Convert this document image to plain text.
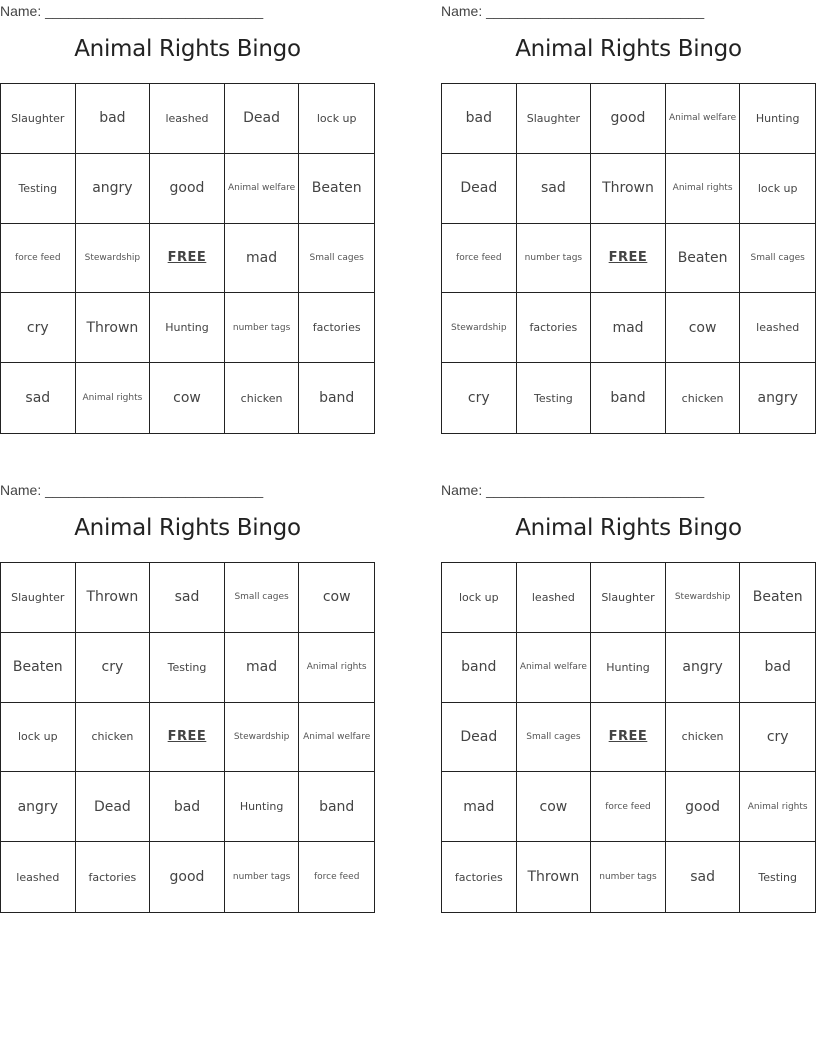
Name: ____________________________
Animal Rights Bingo
Slaughter	bad	leashed	Dead	lock up
Testing	angry	good	Animal welfare	Beaten
force feed	Stewardship	FREE	mad	Small cages
cry	Thrown	Hunting	number tags	factories
sad	Animal rights	cow	chicken	band
Name: ____________________________
Animal Rights Bingo
bad	Slaughter	good	Animal welfare	Hunting
Dead	sad	Thrown	Animal rights	lock up
force feed	number tags	FREE	Beaten	Small cages
Stewardship	factories	mad	cow	leashed
cry	Testing	band	chicken	angry
Name: ____________________________
Animal Rights Bingo
Slaughter	Thrown	sad	Small cages	cow
Beaten	cry	Testing	mad	Animal rights
lock up	chicken	FREE	Stewardship	Animal welfare
angry	Dead	bad	Hunting	band
leashed	factories	good	number tags	force feed
Name: ____________________________
Animal Rights Bingo
lock up	leashed	Slaughter	Stewardship	Beaten
band	Animal welfare	Hunting	angry	bad
Dead	Small cages	FREE	chicken	cry
mad	cow	force feed	good	Animal rights
factories	Thrown	number tags	sad	Testing
